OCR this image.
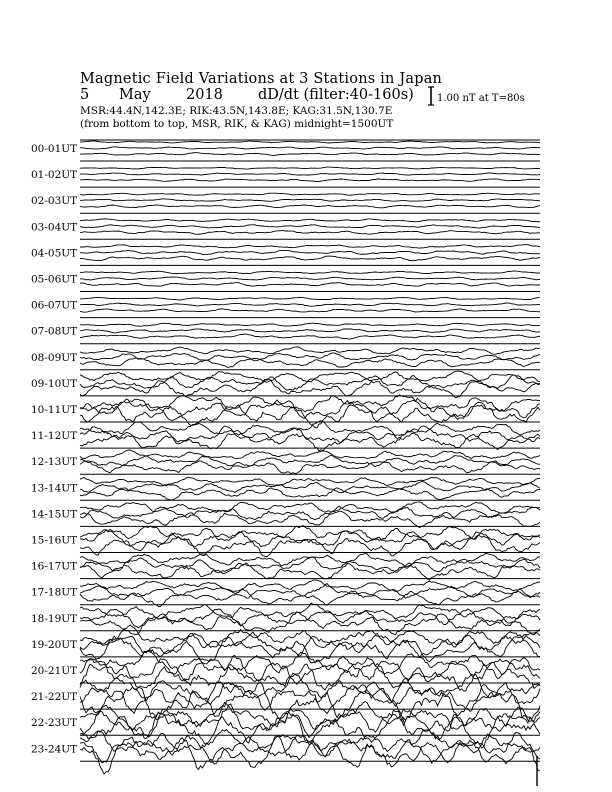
Magnetic Field Variations at 3 Stations in Japan
5 May 2018 dD/dt (filter:40-160s)
MSR:44.4N,142.3E; RIK:43.5N,143.8E; KAG:31.5N,130.7E
(from bottom to top, MSR, RIK, & KAG) midnight=1500UT
1.00 nT at T=80s
00-01UT
01-02UT
02-03UT
03-04UT
04-05UT
05-06UT
06-07UT
07-08UT
08-09UT
09-10UT
10-11UT
11-12UT
12-13UT
13-14UT
14-15UT
15-16UT
16-17UT
17-18UT
18-19UT
19-20UT
20-21UT
21-22UT
22-23UT
23-24UT
